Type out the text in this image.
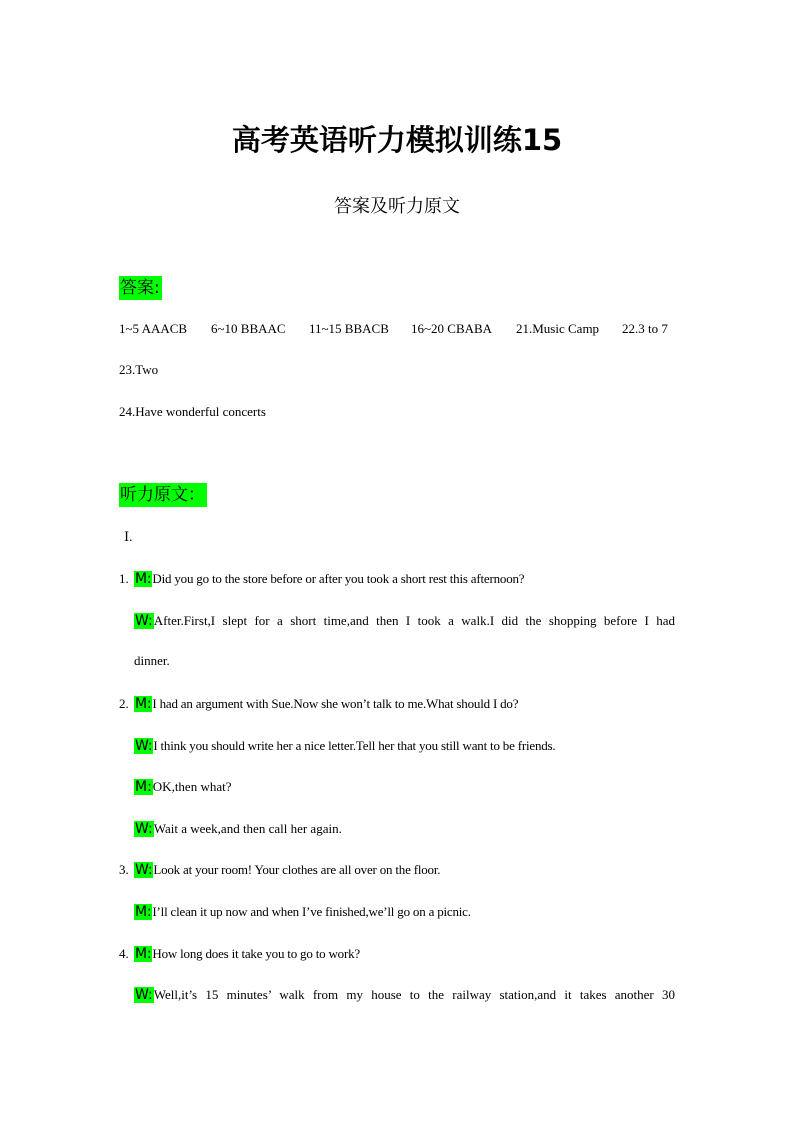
高考英语听力模拟训练15
答案及听力原文
答案:
1~5 AAACB 6~10 BBAAC 11~15 BBACB 16~20 CBABA 21.Music Camp 22.3 to 7
23.Two
24.Have wonderful concerts
听力原文：
Ⅰ.
1. M:Did you go to the store before or after you took a short rest this afternoon?
W:After.First,I slept for a short time,and then I took a walk.I did the shopping before I had
dinner.
2. M:I had an argument with Sue.Now she won’t talk to me.What should I do?
W:I think you should write her a nice letter.Tell her that you still want to be friends.
M:OK,then what?
W:Wait a week,and then call her again.
3. W:Look at your room! Your clothes are all over on the floor.
M:I’ll clean it up now and when I’ve finished,we’ll go on a picnic.
4. M:How long does it take you to go to work?
W:Well,it’s 15 minutes’ walk from my house to the railway station,and it takes another 30
